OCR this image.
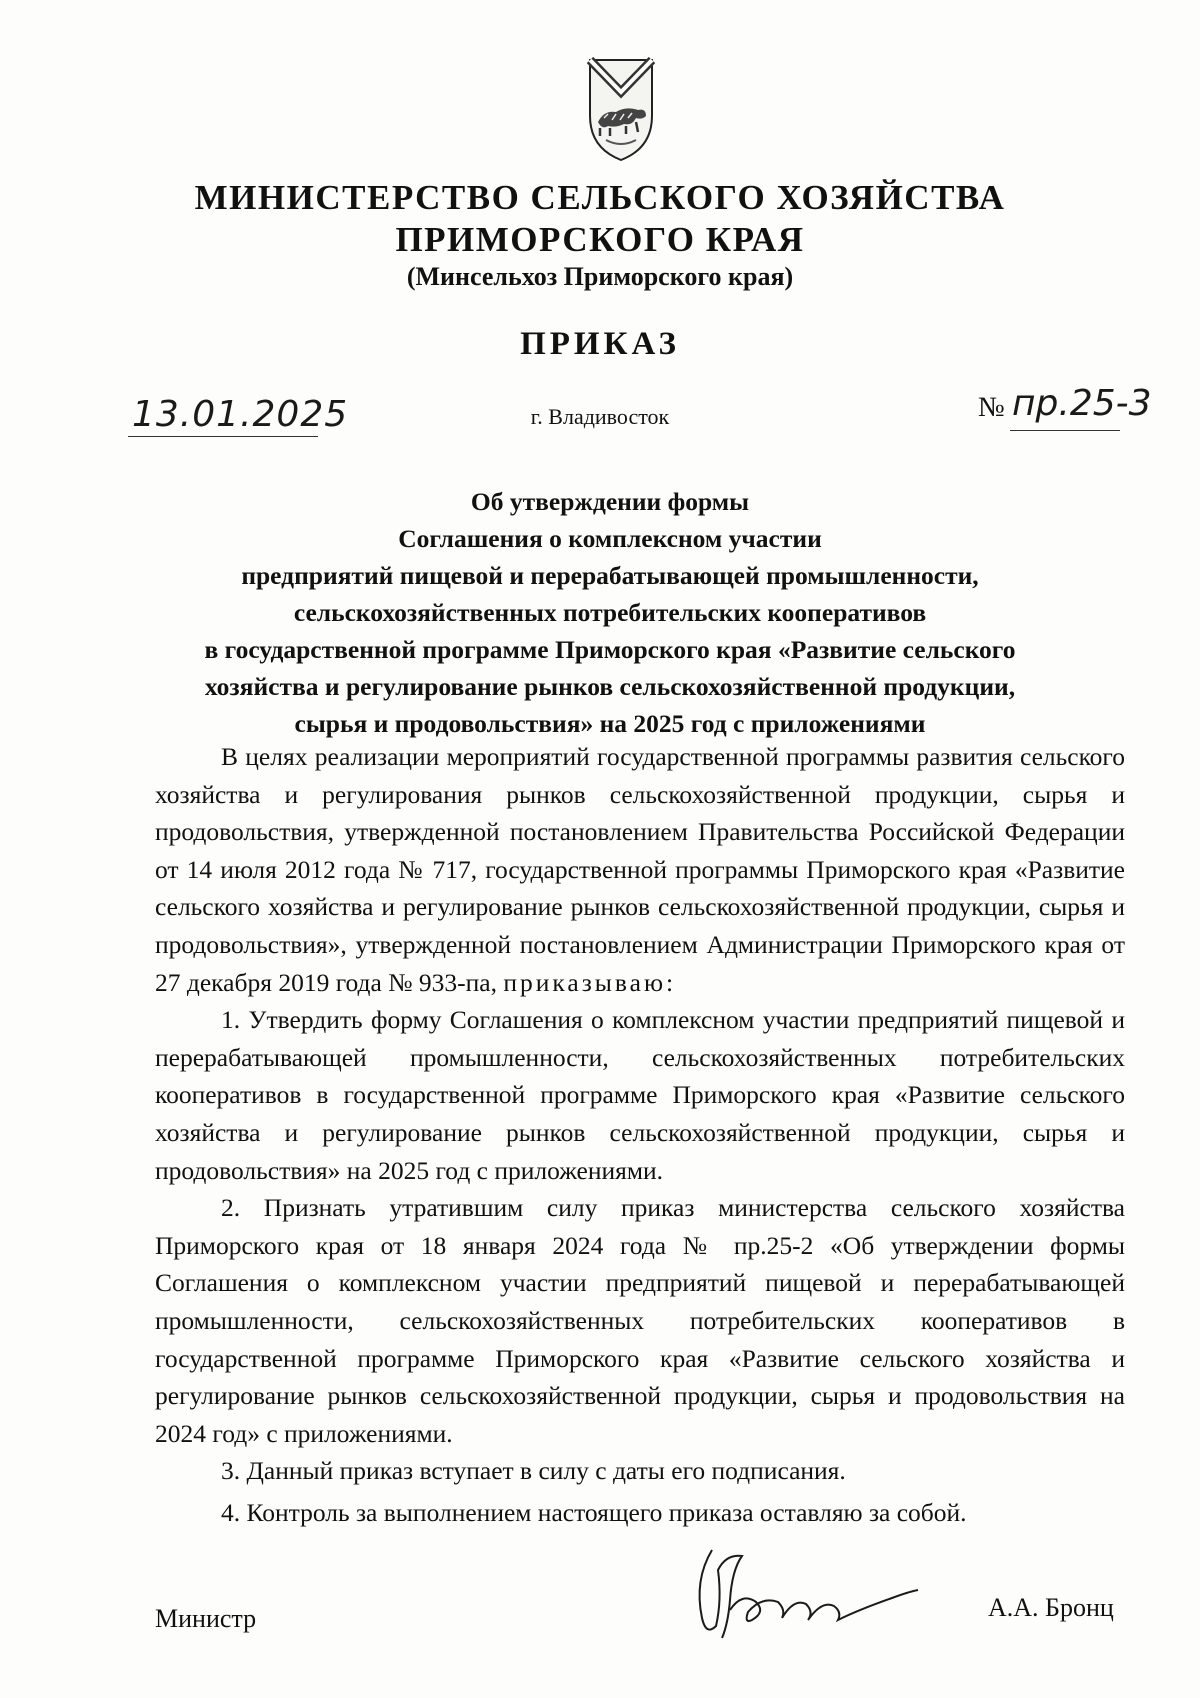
МИНИСТЕРСТВО СЕЛЬСКОГО ХОЗЯЙСТВА
ПРИМОРСКОГО КРАЯ
(Минсельхоз Приморского края)
ПРИКАЗ
13.01.2025	г. Владивосток	№ пр.25-3
Об утверждении формы
Соглашения о комплексном участии
предприятий пищевой и перерабатывающей промышленности,
сельскохозяйственных потребительских кооперативов
в государственной программе Приморского края «Развитие сельского
хозяйства и регулирование рынков сельскохозяйственной продукции,
сырья и продовольствия» на 2025 год с приложениями

В целях реализации мероприятий государственной программы развития сельского хозяйства и регулирования рынков сельскохозяйственной продукции, сырья и продовольствия, утвержденной постановлением Правительства Российской Федерации от 14 июля 2012 года № 717, государственной программы Приморского края «Развитие сельского хозяйства и регулирование рынков сельскохозяйственной продукции, сырья и продовольствия», утвержденной постановлением Администрации Приморского края от 27 декабря 2019 года № 933-па, приказываю:

1. Утвердить форму Соглашения о комплексном участии предприятий пищевой и перерабатывающей промышленности, сельскохозяйственных потребительских кооперативов в государственной программе Приморского края «Развитие сельского хозяйства и регулирование рынков сельскохозяйственной продукции, сырья и продовольствия» на 2025 год с приложениями.

2. Признать утратившим силу приказ министерства сельского хозяйства Приморского края от 18 января 2024 года № пр.25-2 «Об утверждении формы Соглашения о комплексном участии предприятий пищевой и перерабатывающей промышленности, сельскохозяйственных потребительских кооперативов в государственной программе Приморского края «Развитие сельского хозяйства и регулирование рынков сельскохозяйственной продукции, сырья и продовольствия на 2024 год» с приложениями.

3. Данный приказ вступает в силу с даты его подписания.

4. Контроль за выполнением настоящего приказа оставляю за собой.

Министр	А.А. Бронц
